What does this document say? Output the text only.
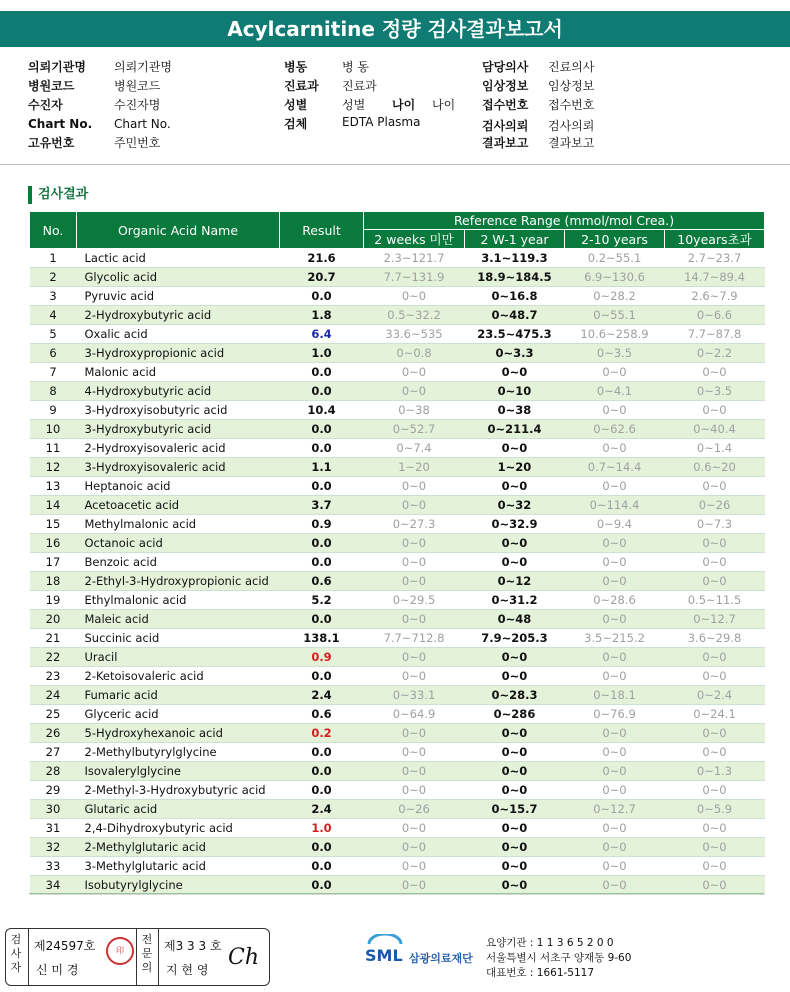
Acylcarnitine 정량 검사결과보고서
의뢰기관명 의뢰기관명
병원코드	병원코드
수진자	수진자명
Chart No. Chart No.
고유번호	주민번호
병동	병 동
진료과 진료과
성별	성별 나이 나이
검체	EDTA Plasma
담당의사 진료의사
임상정보 임상정보
접수번호 접수번호
검사의뢰 검사의뢰
결과보고 결과보고
검사결과
No.	Organic Acid Name	Result	Reference Range (mmol/mol Crea.)			
			2 weeks 미만	2 W-1 year	2-10 years	10years초과
1	Lactic acid	21.6	2.3~121.7	3.1~119.3	0.2~55.1	2.7~23.7
2	Glycolic acid	20.7	7.7~131.9	18.9~184.5	6.9~130.6	14.7~89.4
3	Pyruvic acid	0.0	0~0	0~16.8	0~28.2	2.6~7.9
4	2-Hydroxybutyric acid	1.8	0.5~32.2	0~48.7	0~55.1	0~6.6
5	Oxalic acid	6.4	33.6~535	23.5~475.3	10.6~258.9	7.7~87.8
6	3-Hydroxypropionic acid	1.0	0~0.8	0~3.3	0~3.5	0~2.2
7	Malonic acid	0.0	0~0	0~0	0~0	0~0
8	4-Hydroxybutyric acid	0.0	0~0	0~10	0~4.1	0~3.5
9	3-Hydroxyisobutyric acid	10.4	0~38	0~38	0~0	0~0
10	3-Hydroxybutyric acid	0.0	0~52.7	0~211.4	0~62.6	0~40.4
11	2-Hydroxyisovaleric acid	0.0	0~7.4	0~0	0~0	0~1.4
12	3-Hydroxyisovaleric acid	1.1	1~20	1~20	0.7~14.4	0.6~20
13	Heptanoic acid	0.0	0~0	0~0	0~0	0~0
14	Acetoacetic acid	3.7	0~0	0~32	0~114.4	0~26
15	Methylmalonic acid	0.9	0~27.3	0~32.9	0~9.4	0~7.3
16	Octanoic acid	0.0	0~0	0~0	0~0	0~0
17	Benzoic acid	0.0	0~0	0~0	0~0	0~0
18	2-Ethyl-3-Hydroxypropionic acid	0.6	0~0	0~12	0~0	0~0
19	Ethylmalonic acid	5.2	0~29.5	0~31.2	0~28.6	0.5~11.5
20	Maleic acid	0.0	0~0	0~48	0~0	0~12.7
21	Succinic acid	138.1	7.7~712.8	7.9~205.3	3.5~215.2	3.6~29.8
22	Uracil	0.9	0~0	0~0	0~0	0~0
23	2-Ketoisovaleric acid	0.0	0~0	0~0	0~0	0~0
24	Fumaric acid	2.4	0~33.1	0~28.3	0~18.1	0~2.4
25	Glyceric acid	0.6	0~64.9	0~286	0~76.9	0~24.1
26	5-Hydroxyhexanoic acid	0.2	0~0	0~0	0~0	0~0
27	2-Methylbutyrylglycine	0.0	0~0	0~0	0~0	0~0
28	Isovalerylglycine	0.0	0~0	0~0	0~0	0~1.3
29	2-Methyl-3-Hydroxybutyric acid	0.0	0~0	0~0	0~0	0~0
30	Glutaric acid	2.4	0~26	0~15.7	0~12.7	0~5.9
31	2,4-Dihydroxybutyric acid	1.0	0~0	0~0	0~0	0~0
32	2-Methylglutaric acid	0.0	0~0	0~0	0~0	0~0
33	3-Methylglutaric acid	0.0	0~0	0~0	0~0	0~0
34	Isobutyrylglycine	0.0	0~0	0~0	0~0	0~0
검사자
제24597호
신 미 경
印
전문의
제3 3 3 호
지 현 영 Ch	SML 삼광의료재단
요양기관 : 1 1 3 6 5 2 0 0
서울특별시 서초구 양재동 9-60
대표번호 : 1661-5117
